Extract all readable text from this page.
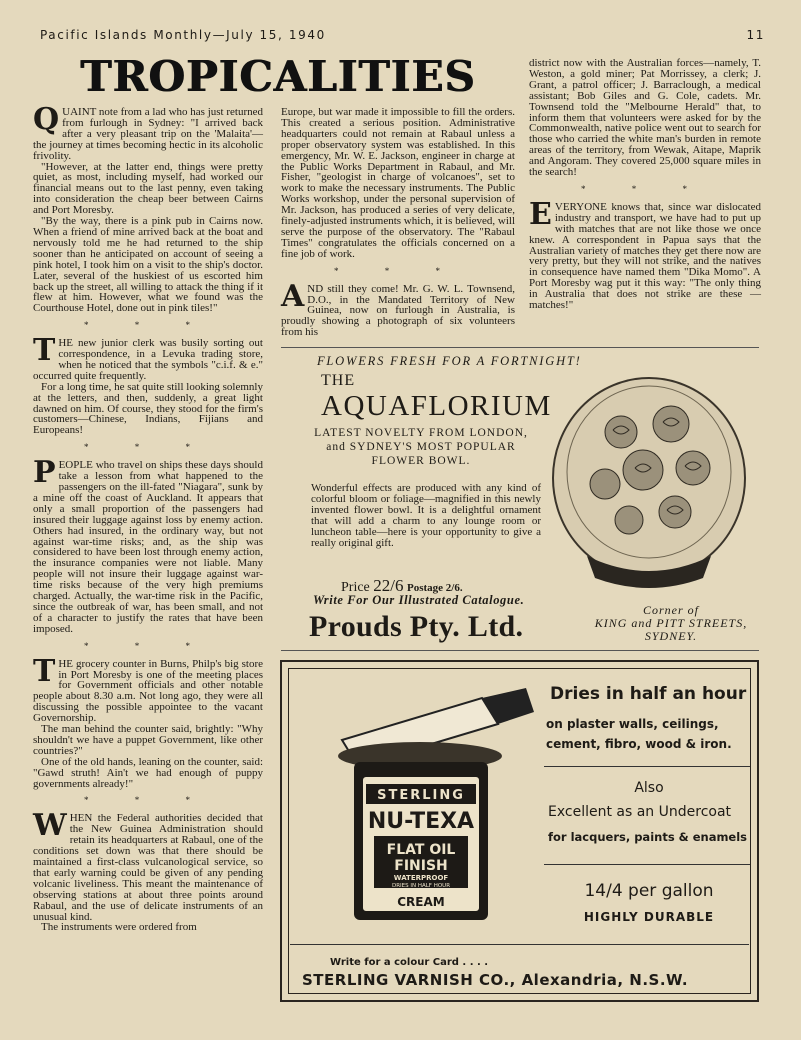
Pacific Islands Monthly—July 15, 1940	11
TROPICALITIES

QUAINT note from a lad who has just returned from furlough in Sydney: "I arrived back after a very pleasant trip on the 'Malaita'—the journey at times becoming hectic in its alcoholic frivolity.

"However, at the latter end, things were pretty quiet, as most, including myself, had worked our financial means out to the last penny, even taking into consideration the cheap beer between Cairns and Port Moresby.

"By the way, there is a pink pub in Cairns now. When a friend of mine arrived back at the boat and nervously told me he had returned to the ship sooner than he anticipated on account of seeing a pink hotel, I took him on a visit to the ship's doctor. Later, several of the huskiest of us escorted him back up the street, all willing to attack the thing if it flew at him. However, what we found was the Courthouse Hotel, done out in pink tiles!"

* * *

THE new junior clerk was busily sorting out correspondence, in a Levuka trading store, when he noticed that the symbols "c.i.f. & e." occurred quite frequently.

For a long time, he sat quite still looking solemnly at the letters, and then, suddenly, a great light dawned on him. Of course, they stood for the firm's customers—Chinese, Indians, Fijians and Europeans!

* * *

PEOPLE who travel on ships these days should take a lesson from what happened to the passengers on the ill-fated "Niagara", sunk by a mine off the coast of Auckland. It appears that only a small proportion of the passengers had insured their luggage against loss by enemy action. Others had insured, in the ordinary way, but not against war-time risks; and, as the ship was considered to have been lost through enemy action, the insurance companies were not liable. Many people will not insure their luggage against war-time risks because of the very high premiums charged. Actually, the war-time risk in the Pacific, since the outbreak of war, has been small, and not of a character to justify the rates that have been imposed.

* * *

THE grocery counter in Burns, Philp's big store in Port Moresby is one of the meeting places for Government officials and other notable people about 8.30 a.m. Not long ago, they were all discussing the possible appointee to the vacant Governorship.

The man behind the counter said, brightly: "Why shouldn't we have a puppet Government, like other countries?"

One of the old hands, leaning on the counter, said: "Gawd struth! Ain't we had enough of puppy governments already!"

* * *

WHEN the Federal authorities decided that the New Guinea Administration should retain its headquarters at Rabaul, one of the conditions set down was that there should be maintained a first-class vulcanological service, so that early warning could be given of any pending volcanic liveliness. This meant the maintenance of observing stations at about three points around Rabaul, and the use of delicate instruments of an unusual kind.

The instruments were ordered from

Europe, but war made it impossible to fill the orders. This created a serious position. Administrative headquarters could not remain at Rabaul unless a proper observatory system was established. In this emergency, Mr. W. E. Jackson, engineer in charge at the Public Works Department in Rabaul, and Mr. Fisher, "geologist in charge of volcanoes", set to work to make the necessary instruments. The Public Works workshop, under the personal supervision of Mr. Jackson, has produced a series of very delicate, finely-adjusted instruments which, it is believed, will serve the purpose of the observatory. The "Rabaul Times" congratulates the officials concerned on a fine job of work.

* * *

AND still they come! Mr. G. W. L. Townsend, D.O., in the Mandated Territory of New Guinea, now on furlough in Australia, is proudly showing a photograph of six volunteers from his

district now with the Australian forces—namely, T. Weston, a gold miner; Pat Morrissey, a clerk; J. Grant, a patrol officer; J. Barraclough, a medical assistant; Bob Giles and G. Cole, cadets. Mr. Townsend told the "Melbourne Herald" that, to inform them that volunteers were asked for by the Commonwealth, native police went out to search for those who carried the white man's burden in remote areas of the territory, from Wewak, Aitape, Maprik and Angoram. They covered 25,000 square miles in the search!

* * *

EVERYONE knows that, since war dislocated industry and transport, we have had to put up with matches that are not like those we once knew. A correspondent in Papua says that the Australian variety of matches they get there now are very pretty, but they will not strike, and the natives in consequence have named them "Dika Momo". A Port Moresby wag put it this way: "The only thing in Australia that does not strike are these — matches!"

FLOWERS FRESH FOR A FORTNIGHT!
THE
AQUAFLORIUM
LATEST NOVELTY FROM LONDON,
and SYDNEY'S MOST POPULAR
FLOWER BOWL.
Wonderful effects are produced with any kind of colorful bloom or foliage—magnified in this newly invented flower bowl. It is a delightful ornament that will add a charm to any lounge room or luncheon table—here is your opportunity to give a really original gift.
Price 22/6 Postage 2/6.
Write For Our Illustrated Catalogue.
Prouds Pty. Ltd.	Corner of
KING and PITT STREETS,
SYDNEY.
STERLING
NU-TEXA
FLAT OIL
FINISH
WATERPROOF
DRIES IN HALF HOUR
CREAM
Dries in half an hour
on plaster walls, ceilings,
cement, fibro, wood & iron.
Also
Excellent as an Undercoat
for lacquers, paints & enamels
14/4 per gallon
HIGHLY DURABLE
Write for a colour Card . . . .
STERLING VARNISH CO., Alexandria, N.S.W.
